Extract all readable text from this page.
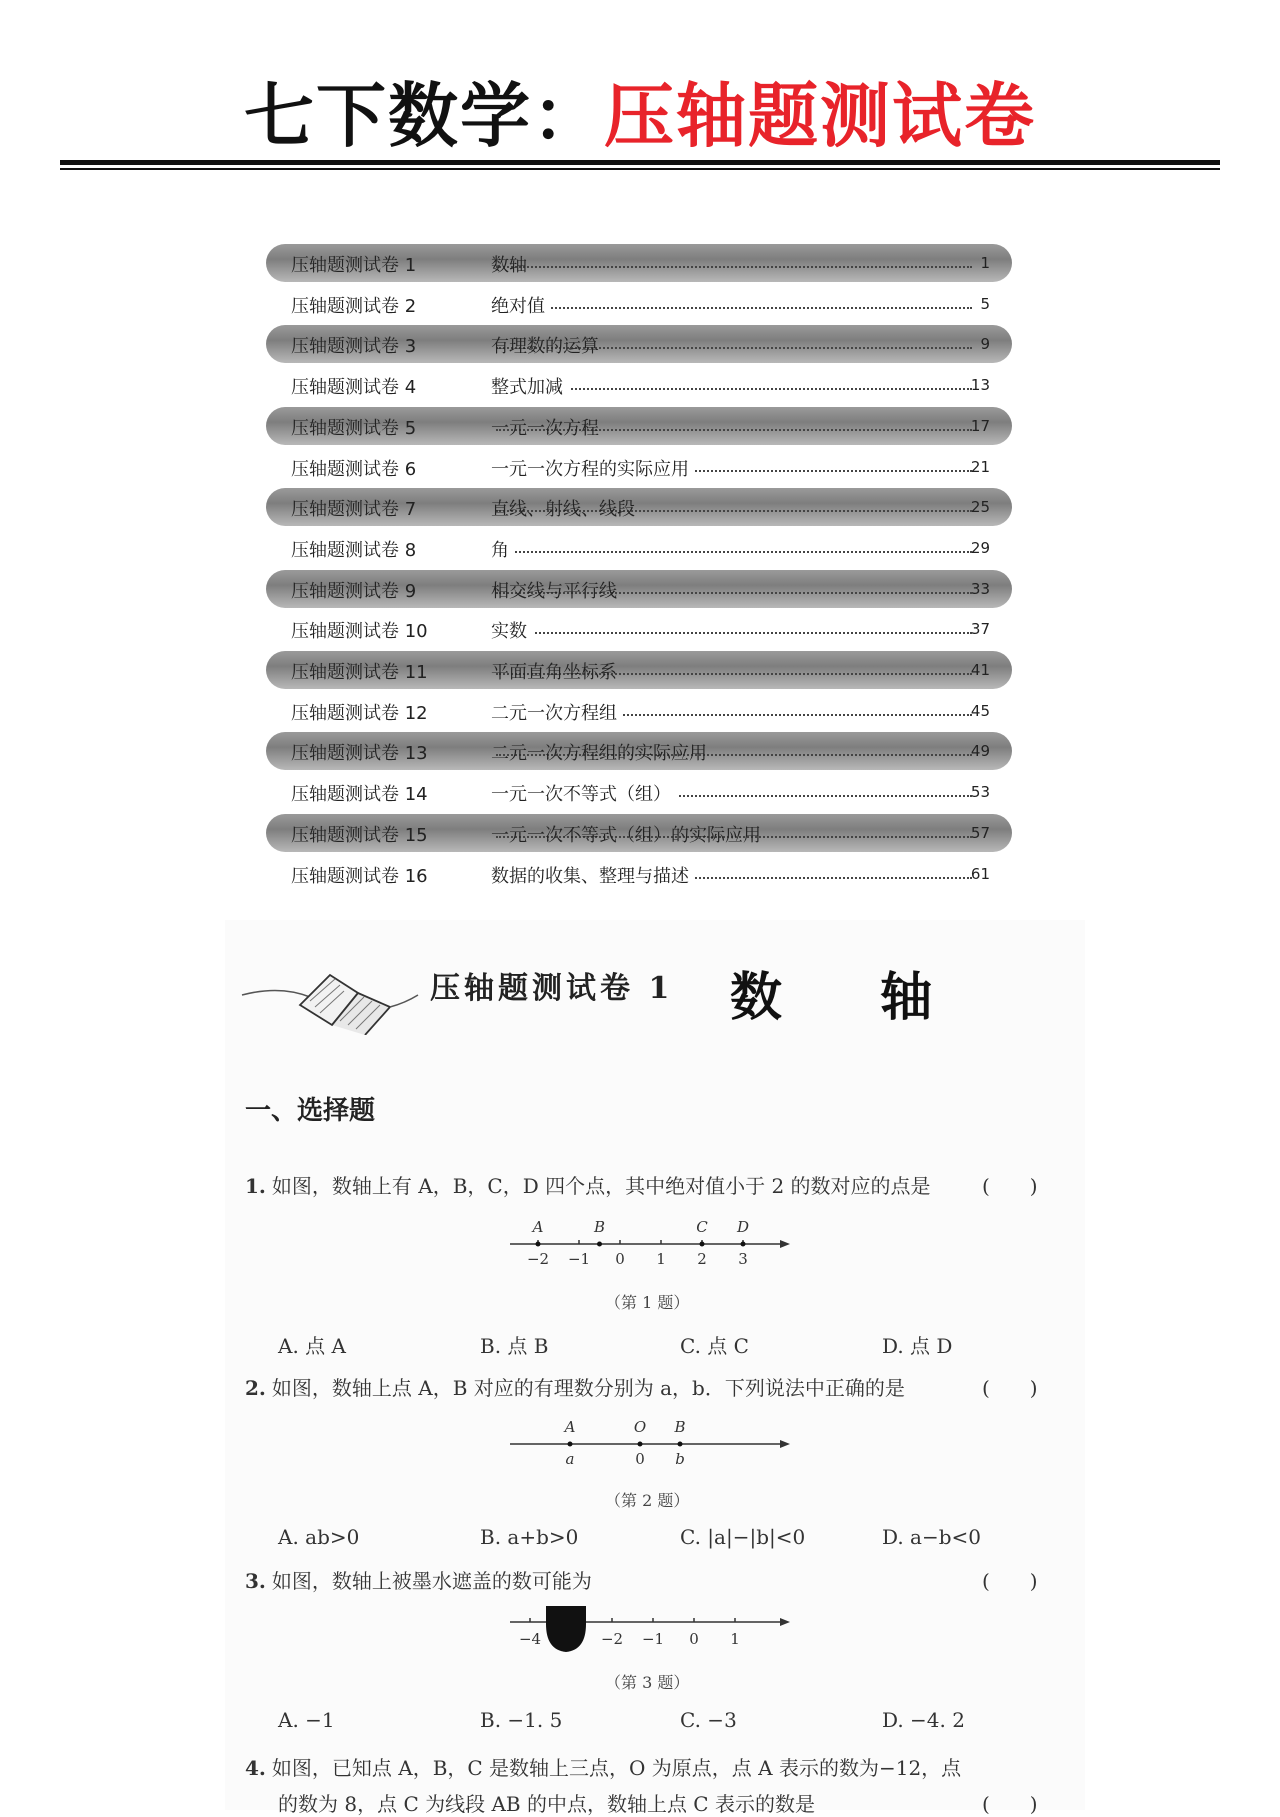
七下数学：压轴题测试卷
压轴题测试卷 1	数轴	1
压轴题测试卷 2	绝对值	5
压轴题测试卷 3	有理数的运算	9
压轴题测试卷 4	整式加减	13
压轴题测试卷 5	一元一次方程	17
压轴题测试卷 6	一元一次方程的实际应用	21
压轴题测试卷 7	直线、射线、线段	25
压轴题测试卷 8	角	29
压轴题测试卷 9	相交线与平行线	33
压轴题测试卷 10	实数	37
压轴题测试卷 11	平面直角坐标系	41
压轴题测试卷 12	二元一次方程组	45
压轴题测试卷 13	二元一次方程组的实际应用	49
压轴题测试卷 14	一元一次不等式（组）	53
压轴题测试卷 15	一元一次不等式（组）的实际应用	57
压轴题测试卷 16	数据的收集、整理与描述	61
压轴题测试卷 1 数 轴
一、选择题
1. 如图，数轴上有 A，B，C，D 四个点，其中绝对值小于 2 的数对应的点是	(　　)
−2 −1 0 1 2 3
A	B	C D
（第 1 题）
A. 点 A	B. 点 B	C. 点 C	D. 点 D
2. 如图，数轴上点 A，B 对应的有理数分别为 a，b．下列说法中正确的是	(　　)
A
a
O
0
B
b
（第 2 题）
A. ab>0	B. a+b>0	C. |a|−|b|<0	D. a−b<0
3. 如图，数轴上被墨水遮盖的数可能为	(　　)
−4	−2 −1 0 1
（第 3 题）
A. −1	B. −1. 5	C. −3	D. −4. 2
4. 如图，已知点 A，B，C 是数轴上三点，O 为原点，点 A 表示的数为−12，点
的数为 8，点 C 为线段 AB 的中点，数轴上点 C 表示的数是	(　　)
